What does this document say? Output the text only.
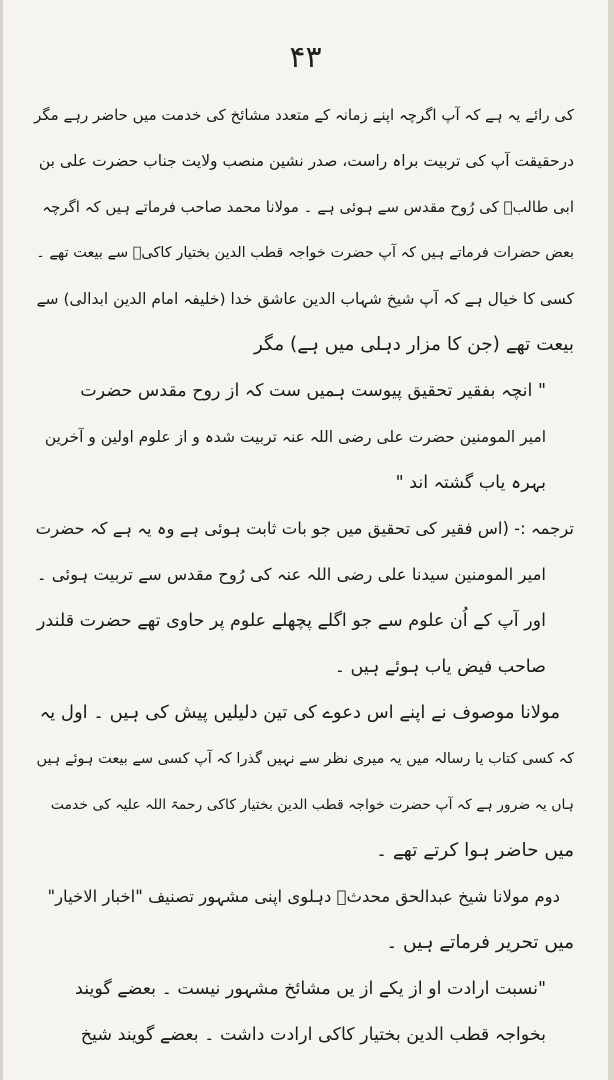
۴۳
کی رائے یہ ہے کہ آپ اگرچہ اپنے زمانہ کے متعدد مشائخ کی خدمت میں حاضر رہے مگر
درحقیقت آپ کی تربیت براہ راست، صدر نشین منصب ولایت جناب حضرت علی بن
ابی طالبؓ کی رُوح مقدس سے ہوئی ہے ۔ مولانا محمد صاحب فرماتے ہیں کہ اگرچہ
بعض حضرات فرماتے ہیں کہ آپ حضرت خواجہ قطب الدین بختیار کاکیؒ سے بیعت تھے ۔
کسی کا خیال ہے کہ آپ شیخ شہاب الدین عاشق خدا (خلیفہ امام الدین ابدالی) سے
بیعت تھے (جن کا مزار دہلی میں ہے) مگر
" انچہ بفقیر تحقیق پیوست ہمیں ست کہ از روح مقدس حضرت
امیر المومنین حضرت علی رضی اللہ عنہ تربیت شدہ و از علوم اولین و آخرین
بہرہ یاب گشتہ اند "
ترجمہ :- (اس فقیر کی تحقیق میں جو بات ثابت ہوئی ہے وہ یہ ہے کہ حضرت
امیر المومنین سیدنا علی رضی اللہ عنہ کی رُوح مقدس سے تربیت ہوئی ۔
اور آپ کے اُن علوم سے جو اگلے پچھلے علوم پر حاوی تھے حضرت قلندر
صاحب فیض یاب ہوئے ہیں ۔
مولانا موصوف نے اپنے اس دعوے کی تین دلیلیں پیش کی ہیں ۔ اول یہ
کہ کسی کتاب یا رسالہ میں یہ میری نظر سے نہیں گذرا کہ آپ کسی سے بیعت ہوئے ہیں
ہاں یہ ضرور ہے کہ آپ حضرت خواجہ قطب الدین بختیار کاکی رحمۃ اللہ علیہ کی خدمت
میں حاضر ہوا کرتے تھے ۔
دوم مولانا شیخ عبدالحق محدثؒ دہلوی اپنی مشہور تصنیف "اخبار الاخیار"
میں تحریر فرماتے ہیں ۔
"نسبت ارادت او از یکے از یں مشائخ مشہور نیست ۔ بعضے گویند
بخواجہ قطب الدین بختیار کاکی ارادت داشت ۔ بعضے گویند شیخ
